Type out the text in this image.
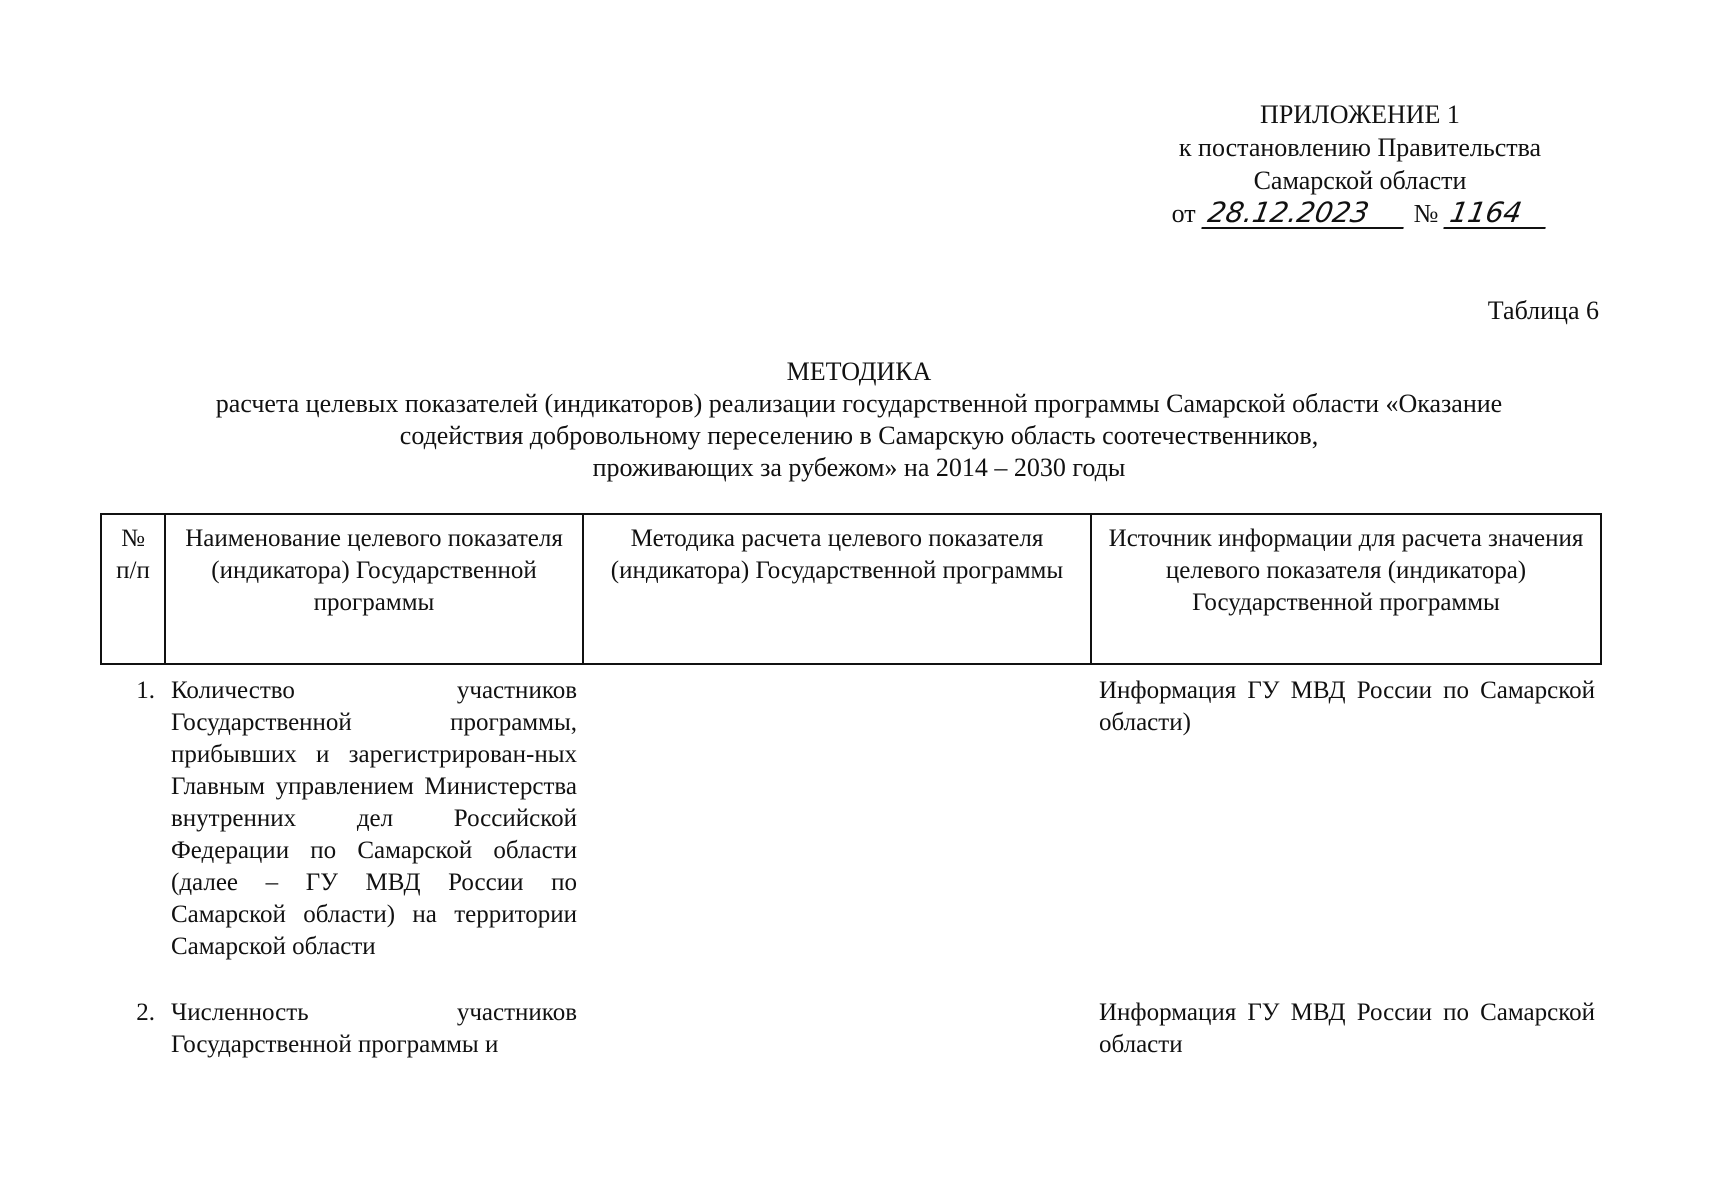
ПРИЛОЖЕНИЕ 1
к постановлению Правительства
Самарской области
от 28.12.2023	№ 1164
Таблица 6
МЕТОДИКА
расчета целевых показателей (индикаторов) реализации государственной программы Самарской области «Оказание
содействия добровольному переселению в Самарскую область соотечественников,
проживающих за рубежом» на 2014 – 2030 годы
№ п/п	Наименование целевого показателя (индикатора) Государственной программы	Методика расчета целевого показателя (индикатора) Государственной программы	Источник информации для расчета значения целевого показателя (индикатора) Государственной программы
1.	Количество участников Государственной программы, прибывших и зарегистрирован-ных Главным управлением Министерства внутренних дел Российской Федерации по Самарской области (далее – ГУ МВД России по Самарской области) на территории Самарской области		Информация ГУ МВД России по Самарской области)
2.	Численность участников Государственной программы и		Информация ГУ МВД России по Самарской области
